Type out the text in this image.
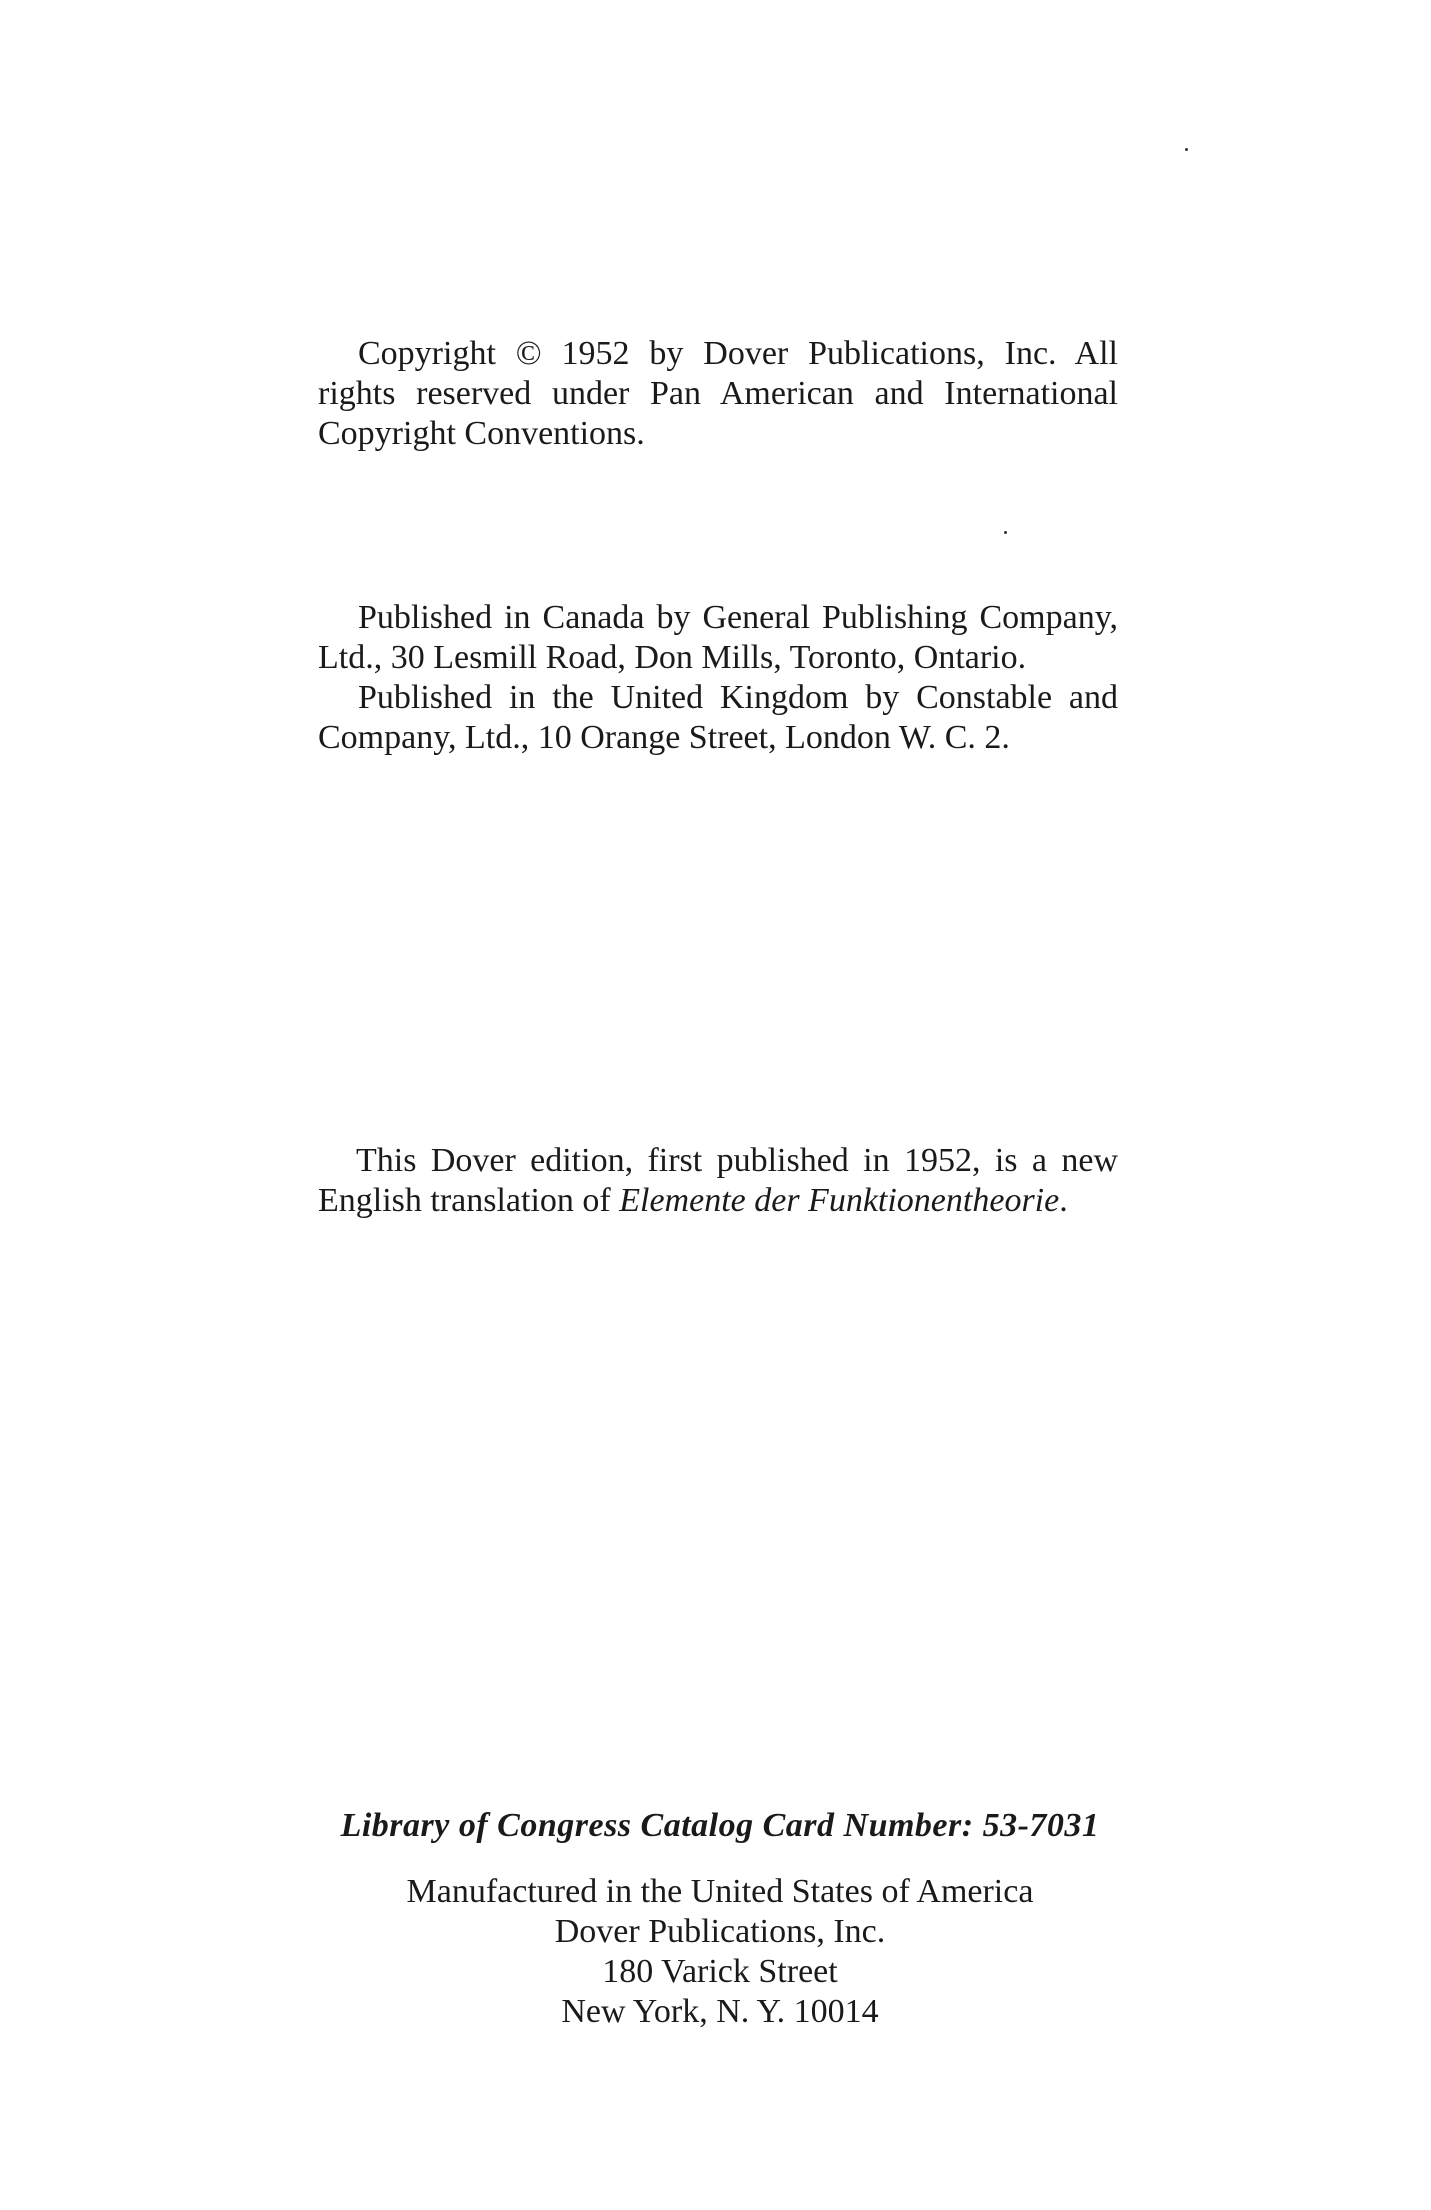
Copyright © 1952 by Dover Publications, Inc. All rights reserved under Pan American and International Copyright Conventions.

Published in Canada by General Publishing Company, Ltd., 30 Lesmill Road, Don Mills, Toronto, Ontario.

Published in the United Kingdom by Constable and Company, Ltd., 10 Orange Street, London W. C. 2.

This Dover edition, first published in 1952, is a new English translation of Elemente der Funktionentheorie.

Library of Congress Catalog Card Number: 53-7031
Manufactured in the United States of America
Dover Publications, Inc.
180 Varick Street
New York, N. Y. 10014
